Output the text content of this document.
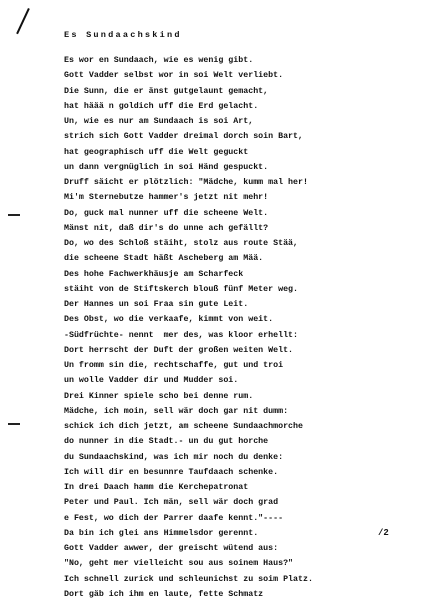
Es Sundaachskind
Es wor en Sundaach, wie es wenig gibt.
Gott Vadder selbst wor in soi Welt verliebt.
Die Sunn, die er änst gutgelaunt gemacht,
hat häää n goldich uff die Erd gelacht.
Un, wie es nur am Sundaach is soi Art,
strich sich Gott Vadder dreimal dorch soin Bart,
hat geographisch uff die Welt geguckt
un dann vergnüglich in soi Händ gespuckt.
Druff säicht er plötzlich: "Mädche, kumm mal her!
Mi'm Sternebutze hammer's jetzt nit mehr!
Do, guck mal nunner uff die scheene Welt.
Mänst nit, daß dir's do unne ach gefällt?
Do, wo des Schloß stäiht, stolz aus route Stää,
die scheene Stadt häßt Ascheberg am Mää.
Des hohe Fachwerkhäusje am Scharfeck
stäiht von de Stiftskerch blouß fünf Meter weg.
Der Hannes un soi Fraa sin gute Leit.
Des Obst, wo die verkaafe, kimmt von weit.
-Südfrüchte- nennt  mer des, was kloor erhellt:
Dort herrscht der Duft der großen weiten Welt.
Un fromm sin die, rechtschaffe, gut und troi
un wolle Vadder dir und Mudder soi.
Drei Kinner spiele scho bei denne rum.
Mädche, ich moin, sell wär doch gar nit dumm:
schick ich dich jetzt, am scheene Sundaachmorche
do nunner in die Stadt.- un du gut horche
du Sundaachskind, was ich mir noch du denke:
Ich will dir en besunnre Taufdaach schenke.
In drei Daach hamm die Kerchepatronat
Peter und Paul. Ich män, sell wär doch grad
e Fest, wo dich der Parrer daafe kennt."----
Da bin ich glei ans Himmelsdor gerennt.
Gott Vadder awwer, der greischt wütend aus:
"No, geht mer vielleicht sou aus soinem Haus?"
Ich schnell zurick und schleunichst zu soim Platz.
Dort gäb ich ihm en laute, fette Schmatz
/2
